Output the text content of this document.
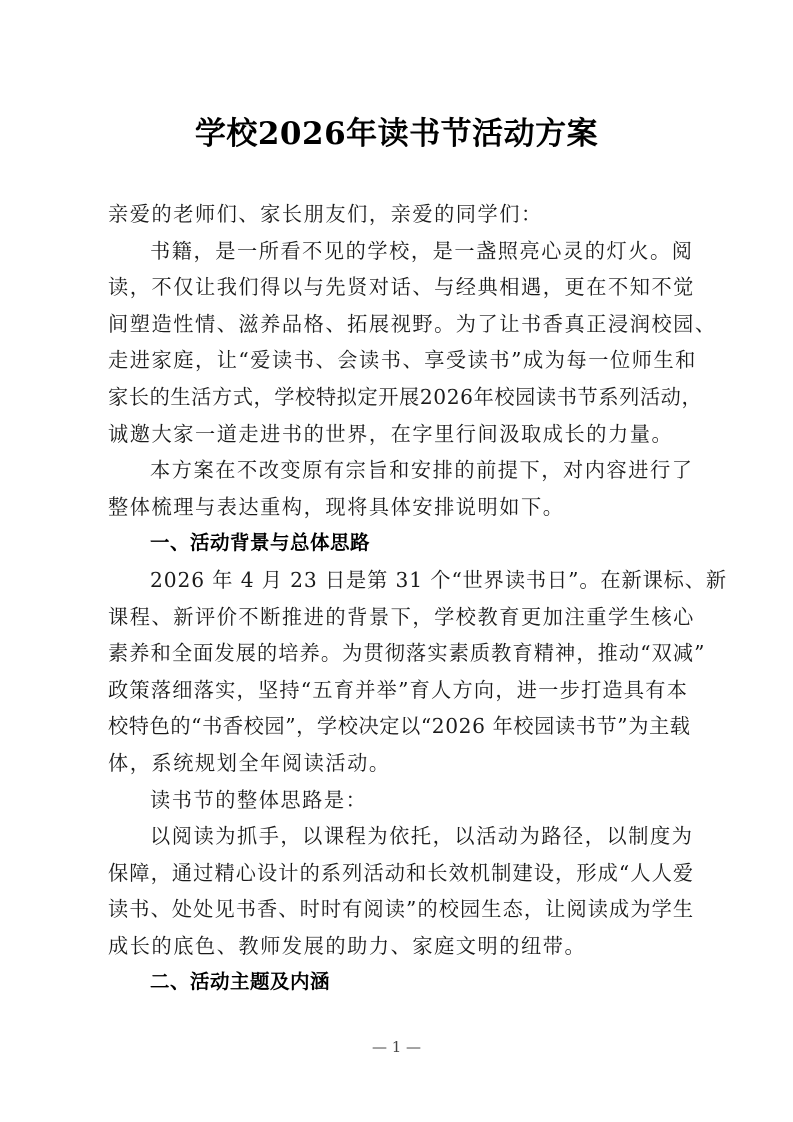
学校2026年读书节活动方案
亲爱的老师们、家长朋友们，亲爱的同学们：
书籍，是一所看不见的学校，是一盏照亮心灵的灯火。阅
读，不仅让我们得以与先贤对话、与经典相遇，更在不知不觉
间塑造性情、滋养品格、拓展视野。为了让书香真正浸润校园、
走进家庭，让“爱读书、会读书、享受读书”成为每一位师生和
家长的生活方式，学校特拟定开展2026年校园读书节系列活动，
诚邀大家一道走进书的世界，在字里行间汲取成长的力量。
本方案在不改变原有宗旨和安排的前提下，对内容进行了
整体梳理与表达重构，现将具体安排说明如下。
一、活动背景与总体思路
2026 年 4 月 23 日是第 31 个“世界读书日”。在新课标、新
课程、新评价不断推进的背景下，学校教育更加注重学生核心
素养和全面发展的培养。为贯彻落实素质教育精神，推动“双减”
政策落细落实，坚持“五育并举”育人方向，进一步打造具有本
校特色的“书香校园”，学校决定以“2026 年校园读书节”为主载
体，系统规划全年阅读活动。
读书节的整体思路是：
以阅读为抓手，以课程为依托，以活动为路径，以制度为
保障，通过精心设计的系列活动和长效机制建设，形成“人人爱
读书、处处见书香、时时有阅读”的校园生态，让阅读成为学生
成长的底色、教师发展的助力、家庭文明的纽带。
二、活动主题及内涵
— 1 —
